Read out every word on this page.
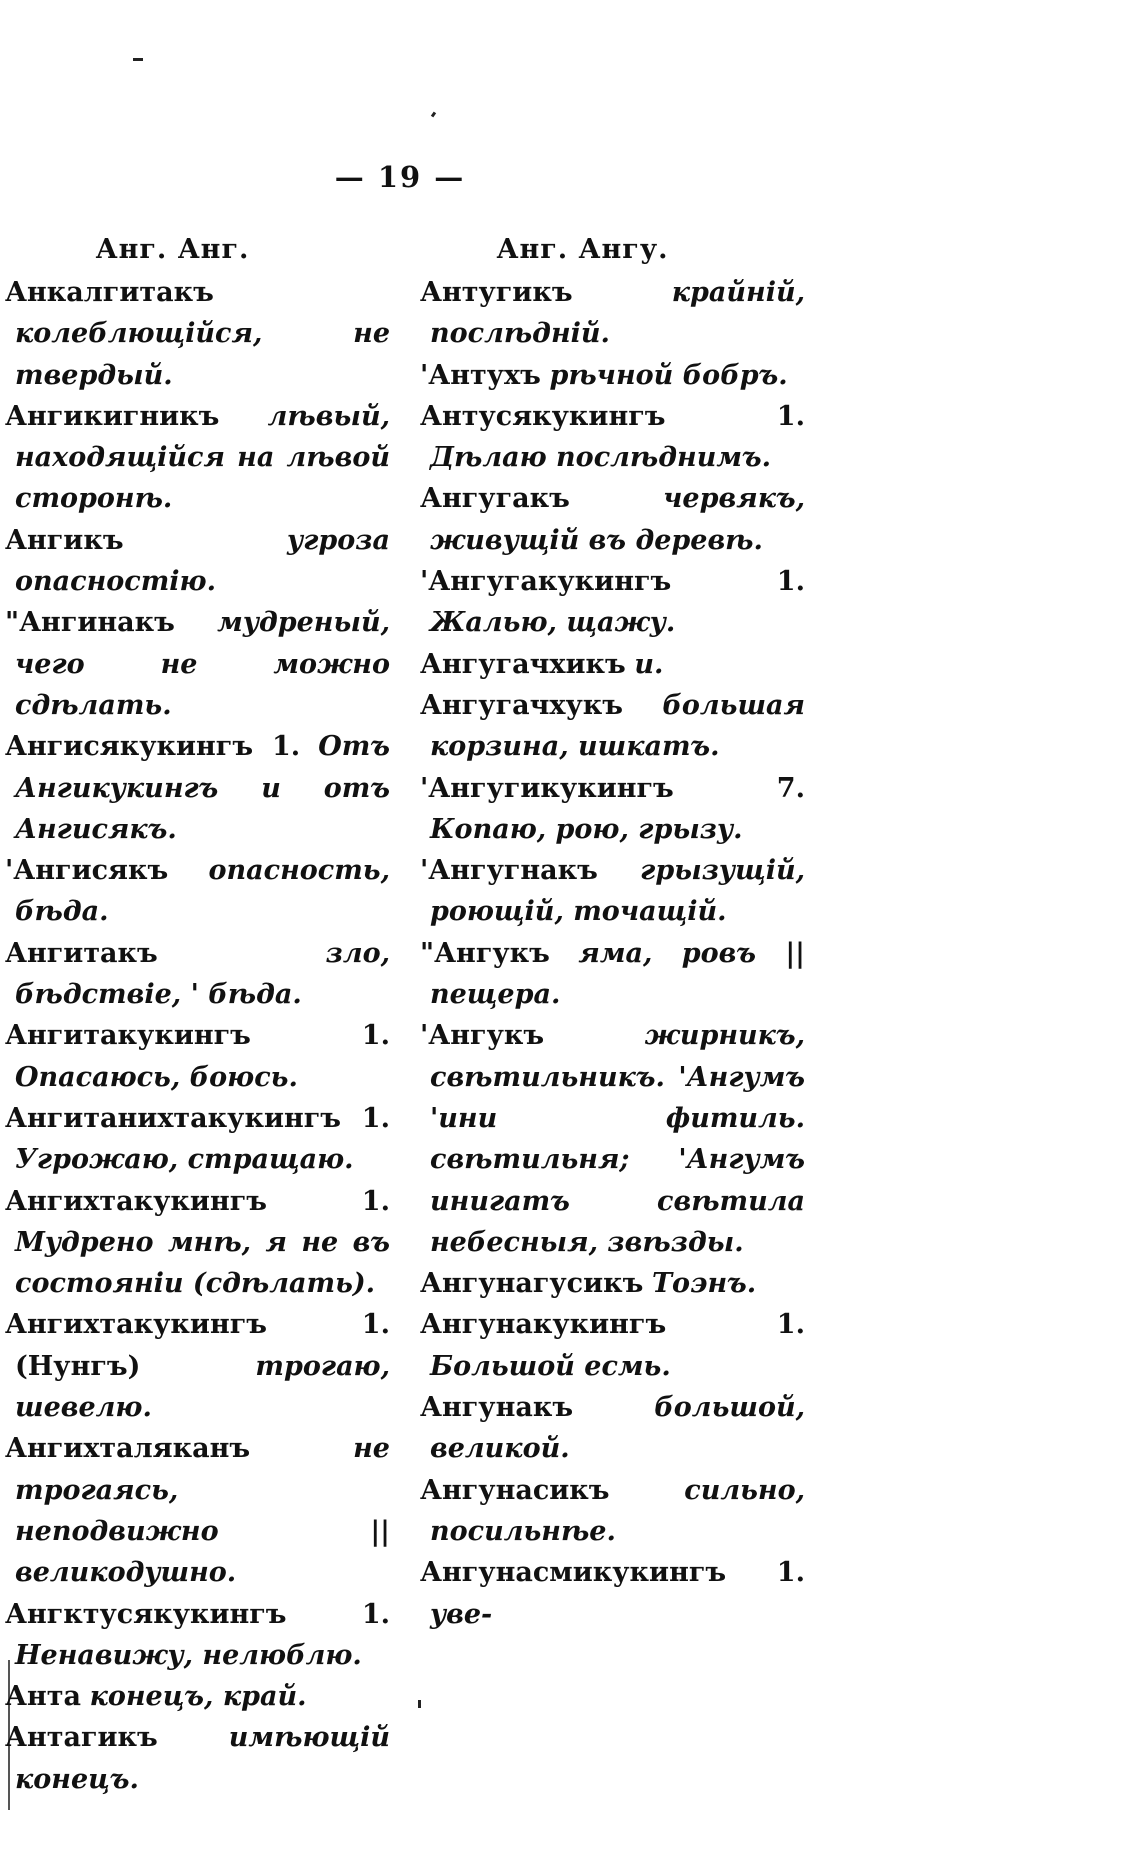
— 19 —
Анг. Анг.

Анкалгитакъ колеблющійся, не твердый.

Ангикигникъ лѣвый, находящійся на лѣвой сторонѣ.

Ангикъ	угроза опасностію.

"Ангинакъ мудреный, чего не можно сдѣлать.

Ангисякукингъ 1. Отъ Ангикукингъ и отъ Ангисякъ.

'Ангисякъ опасность, бѣда.

Ангитакъ	зло, бѣдствіе, ' бѣда.

Ангитакукингъ 1. Опасаюсь, боюсь.

Ангитанихтакукингъ 1. Угрожаю, стращаю.

Ангихтакукингъ 1. Мудрено мнѣ, я не въ состояніи (сдѣлать).

Ангихтакукингъ 1. (Нунгъ)	трогаю, шевелю.

Ангихталяканъ	не трогаясь, неподвижно || великодушно.

Ангктусякукингъ 1. Ненавижу, нелюблю.

Анта конецъ, край.

Антагикъ	имѣющій конецъ.

Анг. Ангу.

Антугикъ	крайній, послѣдній.

'Антухъ рѣчной бобръ.

Антусякукингъ 1. Дѣлаю послѣднимъ.

Ангугакъ	червякъ, живущій въ деревѣ.

'Ангугакукингъ 1. Жалью, щажу.

Ангугачхикъ и.

Ангугачхукъ большая корзина, ишкатъ.

'Ангугикукингъ 7. Копаю, рою, грызу.

'Ангугнакъ грызущій, роющій, точащій.

"Ангукъ яма, ровъ || пещера.

'Ангукъ	жирникъ, свѣтильникъ. 'Ангумъ 'ини фитиль. свѣтильня; 'Ангумъ инигатъ свѣтила небесныя, звѣзды.

Ангунагусикъ Тоэнъ.

Ангунакукингъ 1. Большой есмь.

Ангунакъ	большой, великой.

Ангунасикъ	сильно, посильнѣе.

Ангунасмикукингъ 1. уве-
